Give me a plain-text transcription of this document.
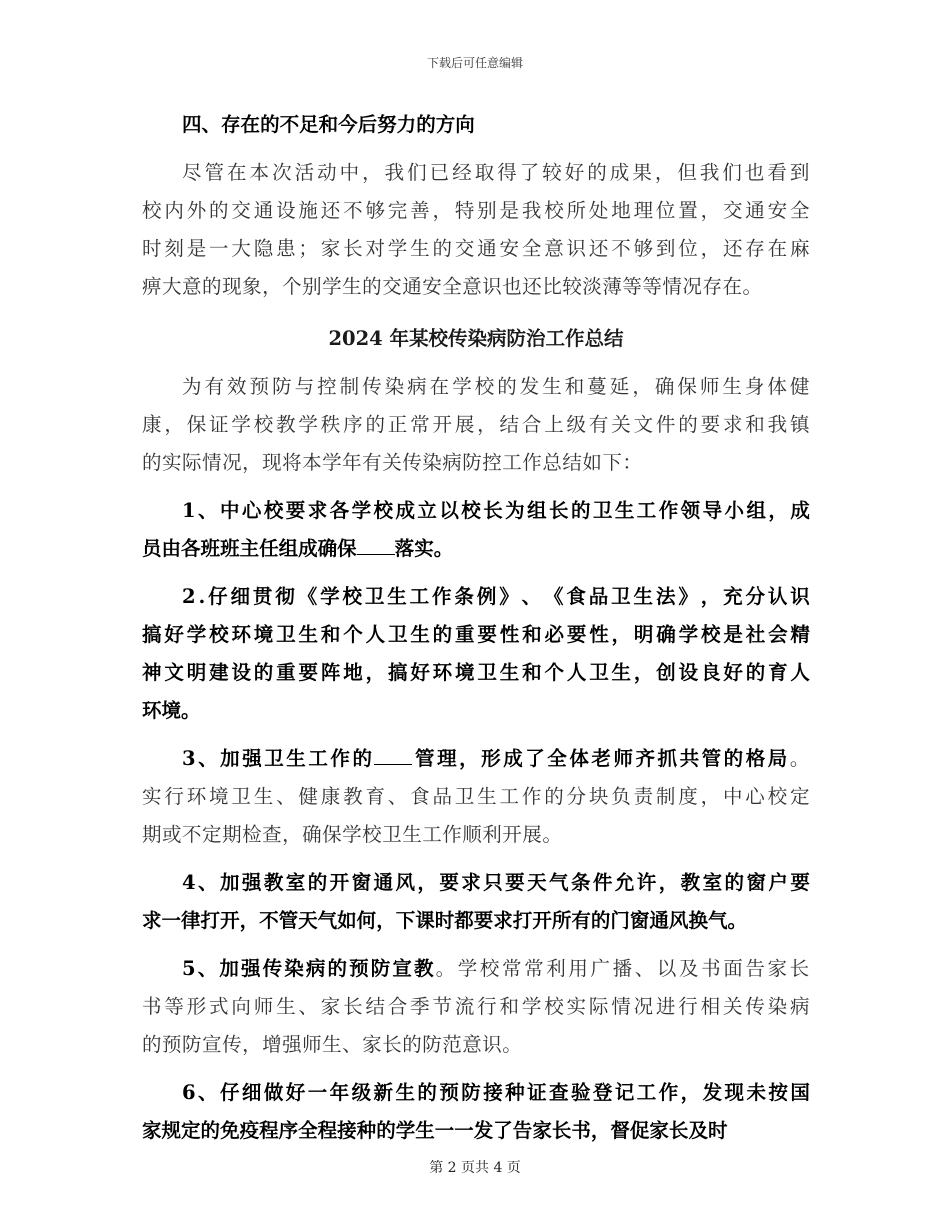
下载后可任意编辑
四 、 存 在 的 不 足 和 今 后 努 力 的 方 向
尽 管 在 本 次 活 动 中 ， 我 们 已 经 取 得 了 较 好 的 成 果 ， 但 我 们 也 看 到
校 内 外 的 交 通 设 施 还 不 够 完 善 ， 特 别 是 我 校 所 处 地 理 位 置 ， 交 通 安 全
时 刻 是 一 大 隐 患 ； 家 长 对 学 生 的 交 通 安 全 意 识 还 不 够 到 位 ， 还 存 在 麻
痹 大 意 的 现 象 ， 个 别 学 生 的 交 通 安 全 意 识 也 还 比 较 淡 薄 等 等 情 况 存 在 。
2024 年某校传染病防治工作总结
为 有 效 预 防 与 控 制 传 染 病 在 学 校 的 发 生 和 蔓 延 ， 确 保 师 生 身 体 健
康 ， 保 证 学 校 教 学 秩 序 的 正 常 开 展 ， 结 合 上 级 有 关 文 件 的 要 求 和 我 镇
的 实 际 情 况 ， 现 将 本 学 年 有 关 传 染 病 防 控 工 作 总 结 如 下 ：
1 、 中 心 校 要 求 各 学 校 成 立 以 校 长 为 组 长 的 卫 生 工 作 领 导 小 组 ， 成
员 由 各 班 班 主 任 组 成 确 保 落 实 。
2 . 仔 细 贯 彻 《 学 校 卫 生 工 作 条 例 》 、 《 食 品 卫 生 法 》 ， 充 分 认 识
搞 好 学 校 环 境 卫 生 和 个 人 卫 生 的 重 要 性 和 必 要 性 ， 明 确 学 校 是 社 会 精
神 文 明 建 设 的 重 要 阵 地 ， 搞 好 环 境 卫 生 和 个 人 卫 生 ， 创 设 良 好 的 育 人
环 境 。
3 、 加 强 卫 生 工 作 的 管 理 ， 形 成 了 全 体 老 师 齐 抓 共 管 的 格 局 。
实 行 环 境 卫 生 、 健 康 教 育 、 食 品 卫 生 工 作 的 分 块 负 责 制 度 ， 中 心 校 定
期 或 不 定 期 检 查 ， 确 保 学 校 卫 生 工 作 顺 利 开 展 。
4 、 加 强 教 室 的 开 窗 通 风 ， 要 求 只 要 天 气 条 件 允 许 ， 教 室 的 窗 户 要
求 一 律 打 开 ， 不 管 天 气 如 何 ， 下 课 时 都 要 求 打 开 所 有 的 门 窗 通 风 换 气 。
5 、 加 强 传 染 病 的 预 防 宣 教 。 学 校 常 常 利 用 广 播 、 以 及 书 面 告 家 长
书 等 形 式 向 师 生 、 家 长 结 合 季 节 流 行 和 学 校 实 际 情 况 进 行 相 关 传 染 病
的 预 防 宣 传 ， 增 强 师 生 、 家 长 的 防 范 意 识 。
6 、 仔 细 做 好 一 年 级 新 生 的 预 防 接 种 证 查 验 登 记 工 作 ， 发 现 未 按 国
家 规 定 的 免 疫 程 序 全 程 接 种 的 学 生 一 一 发 了 告 家 长 书 ， 督 促 家 长 及 时
第 2 页共 4 页
